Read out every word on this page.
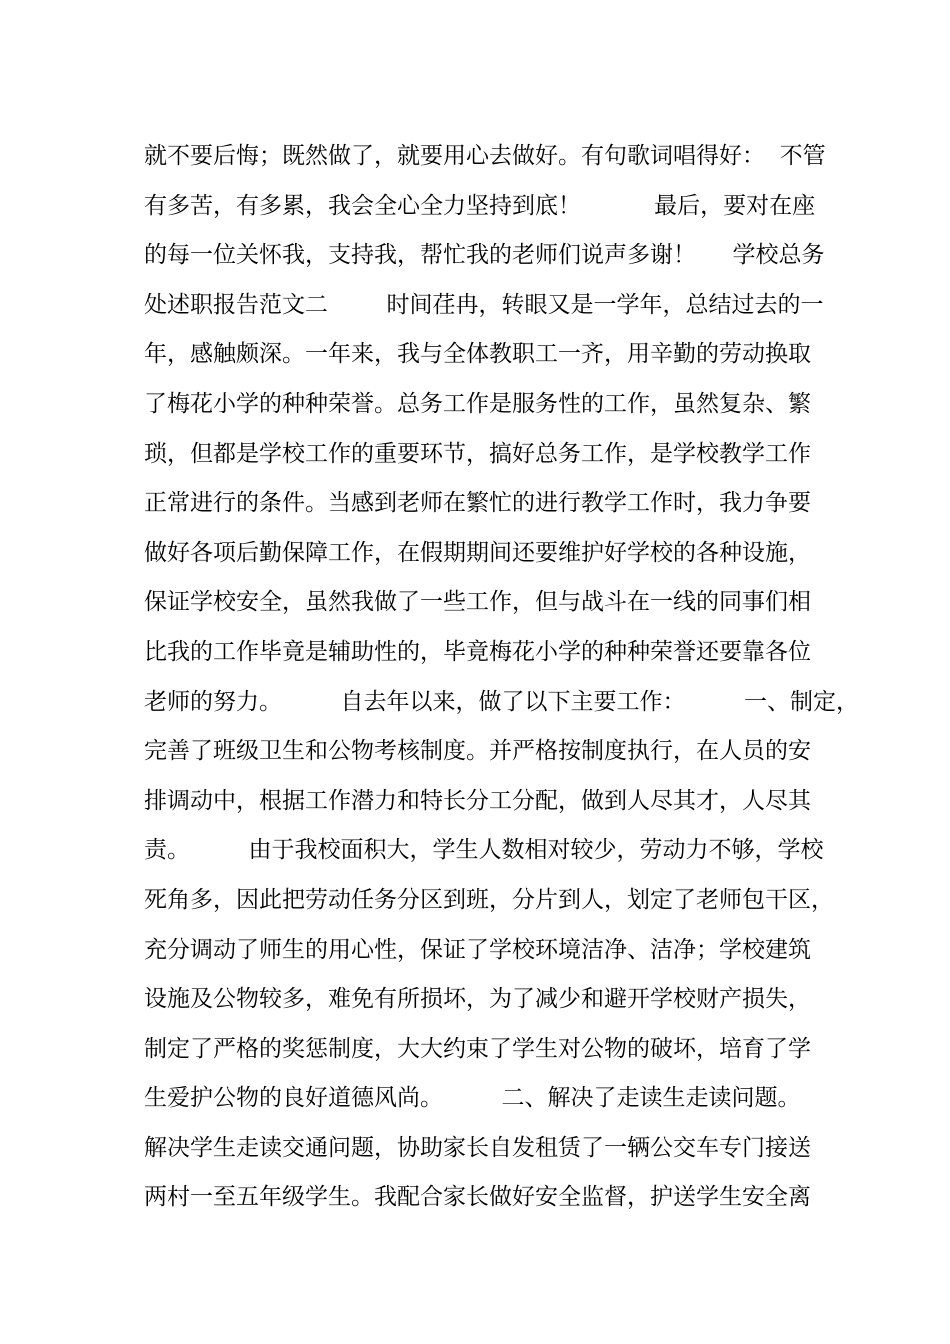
就不要后悔；既然做了，就要用心去做好。有句歌词唱得好：  不管
有多苦，有多累，我会全心全力坚持到底！          最后，要对在座
的每一位关怀我，支持我，帮忙我的老师们说声多谢！     学校总务
处述职报告范文二        时间荏冉，转眼又是一学年，总结过去的一
年，感触颇深。一年来，我与全体教职工一齐，用辛勤的劳动换取
了梅花小学的种种荣誉。总务工作是服务性的工作，虽然复杂、繁
琐，但都是学校工作的重要环节，搞好总务工作，是学校教学工作
正常进行的条件。当感到老师在繁忙的进行教学工作时，我力争要
做好各项后勤保障工作，在假期期间还要维护好学校的各种设施，
保证学校安全，虽然我做了一些工作，但与战斗在一线的同事们相
比我的工作毕竟是辅助性的，毕竟梅花小学的种种荣誉还要靠各位
老师的努力。        自去年以来，做了以下主要工作：        一、制定，
完善了班级卫生和公物考核制度。并严格按制度执行，在人员的安
排调动中，根据工作潜力和特长分工分配，做到人尽其才，人尽其
责。        由于我校面积大，学生人数相对较少，劳动力不够，学校
死角多，因此把劳动任务分区到班，分片到人，划定了老师包干区，
充分调动了师生的用心性，保证了学校环境洁净、洁净；学校建筑
设施及公物较多，难免有所损坏，为了减少和避开学校财产损失，
制定了严格的奖惩制度，大大约束了学生对公物的破坏，培育了学
生爱护公物的良好道德风尚。        二、解决了走读生走读问题。
解决学生走读交通问题，协助家长自发租赁了一辆公交车专门接送
两村一至五年级学生。我配合家长做好安全监督，护送学生安全离
